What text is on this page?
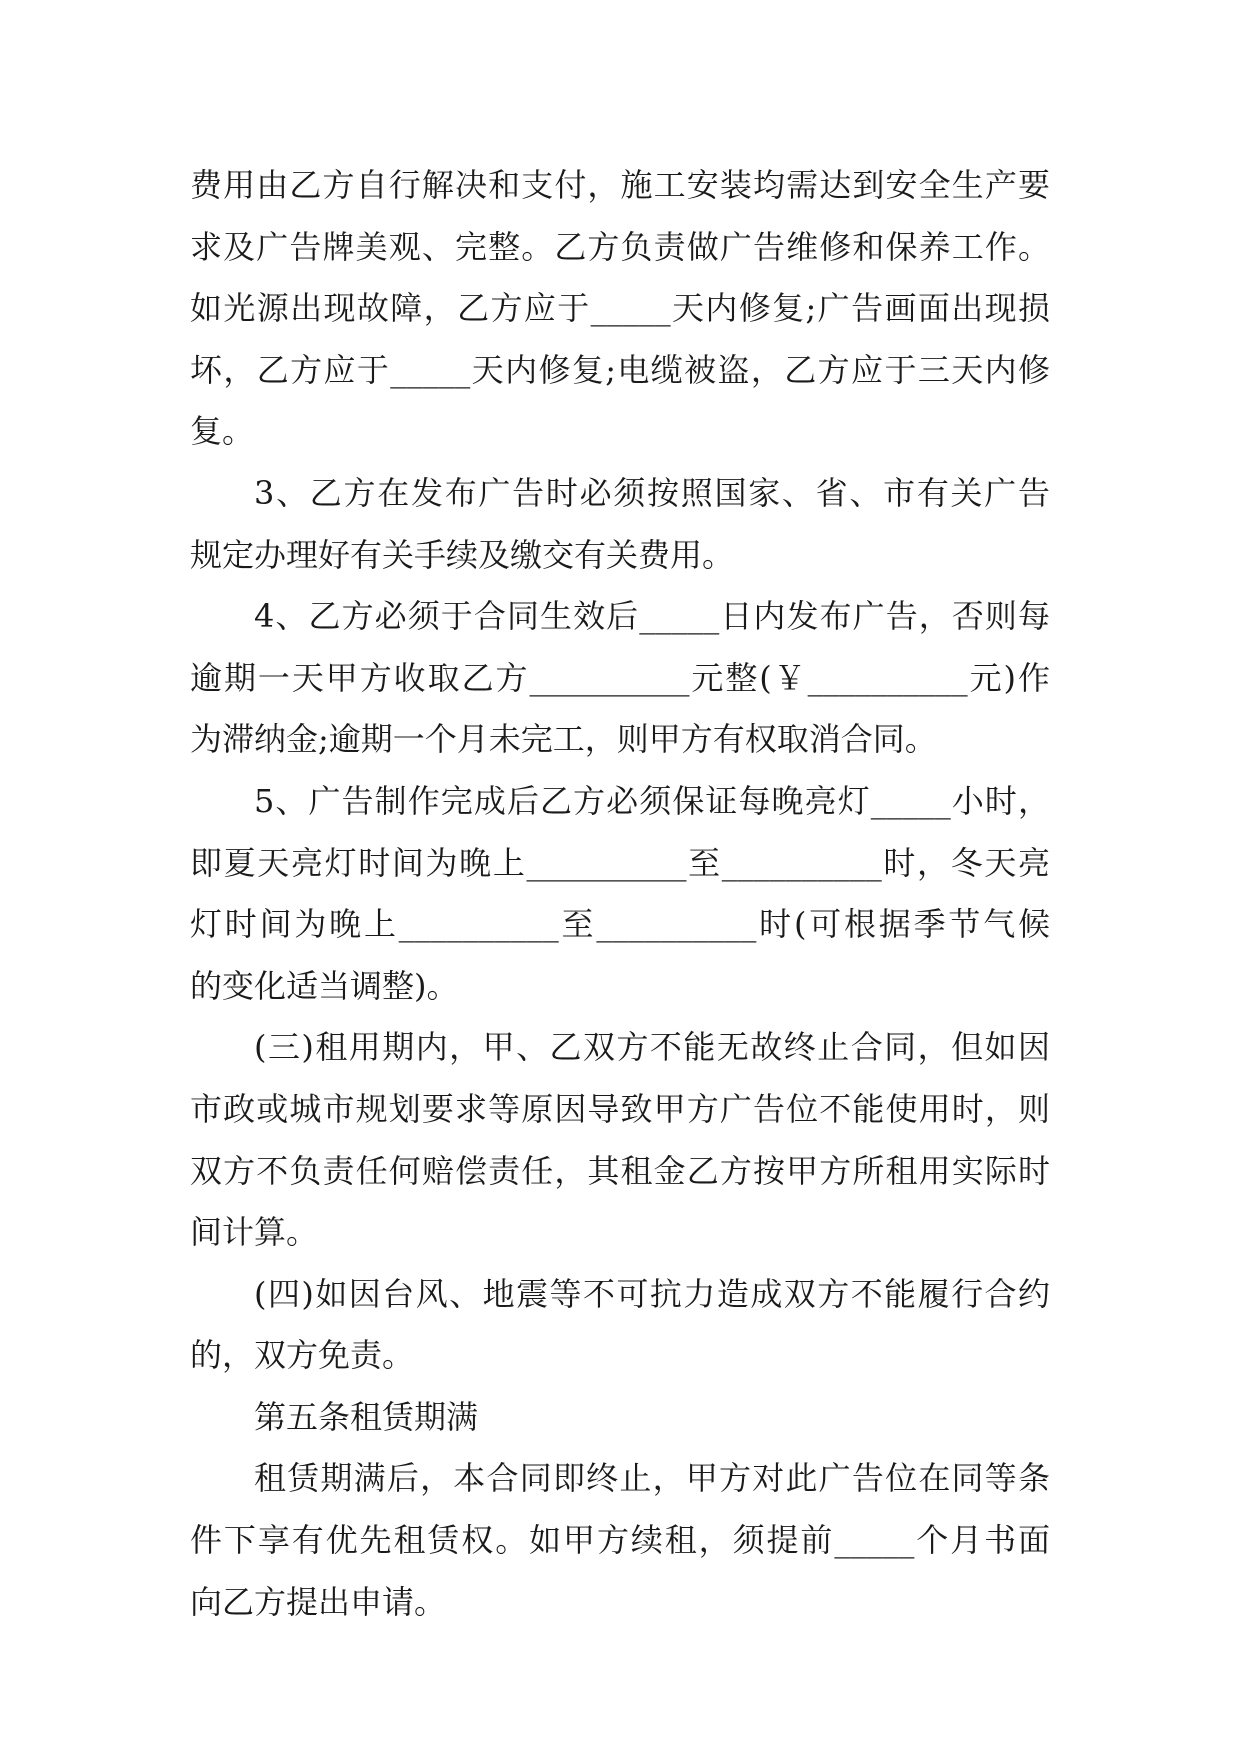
费用由乙方自行解决和支付，施工安装均需达到安全生产要
求及广告牌美观、完整。乙方负责做广告维修和保养工作。
如光源出现故障，乙方应于_____天内修复;广告画面出现损
坏，乙方应于_____天内修复;电缆被盗，乙方应于三天内修
复。
3、乙方在发布广告时必须按照国家、省、市有关广告
规定办理好有关手续及缴交有关费用。
4、乙方必须于合同生效后_____日内发布广告，否则每
逾期一天甲方收取乙方__________元整(￥__________元)作
为滞纳金;逾期一个月未完工，则甲方有权取消合同。
5、广告制作完成后乙方必须保证每晚亮灯_____小时，
即夏天亮灯时间为晚上__________至__________时，冬天亮
灯时间为晚上__________至__________时(可根据季节气候
的变化适当调整)。
(三)租用期内，甲、乙双方不能无故终止合同，但如因
市政或城市规划要求等原因导致甲方广告位不能使用时，则
双方不负责任何赔偿责任，其租金乙方按甲方所租用实际时
间计算。
(四)如因台风、地震等不可抗力造成双方不能履行合约
的，双方免责。
第五条租赁期满
租赁期满后，本合同即终止，甲方对此广告位在同等条
件下享有优先租赁权。如甲方续租，须提前_____个月书面
向乙方提出申请。
